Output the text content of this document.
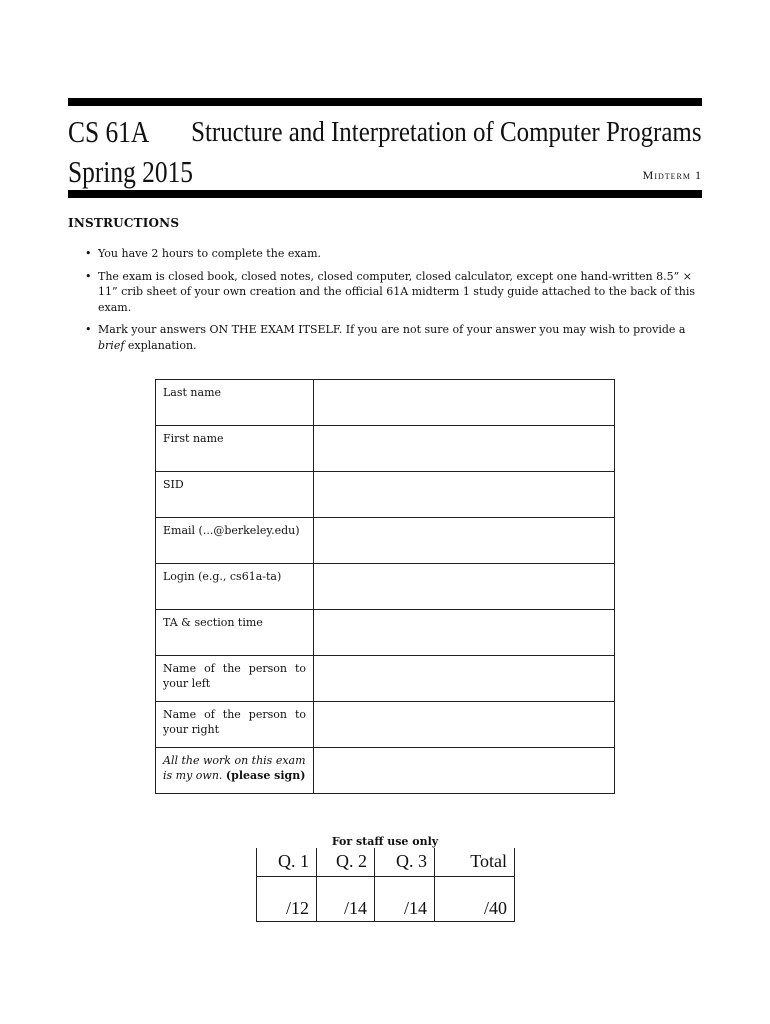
CS 61A Structure and Interpretation of Computer Programs
Spring 2015	Midterm 1
INSTRUCTIONS
• You have 2 hours to complete the exam.
• The exam is closed book, closed notes, closed computer, closed calculator, except one hand-written 8.5” × 11” crib sheet of your own creation and the official 61A midterm 1 study guide attached to the back of this exam.
• Mark your answers ON THE EXAM ITSELF. If you are not sure of your answer you may wish to provide a brief explanation.
Last name	
First name	
SID	
Email (...@berkeley.edu)	
Login (e.g., cs61a-ta)	
TA & section time	
Name of the person to your left	
Name of the person to your right	
All the work on this exam is my own. (please sign)	
For staff use only
Q. 1	Q. 2	Q. 3	Total
/12	/14	/14	/40
